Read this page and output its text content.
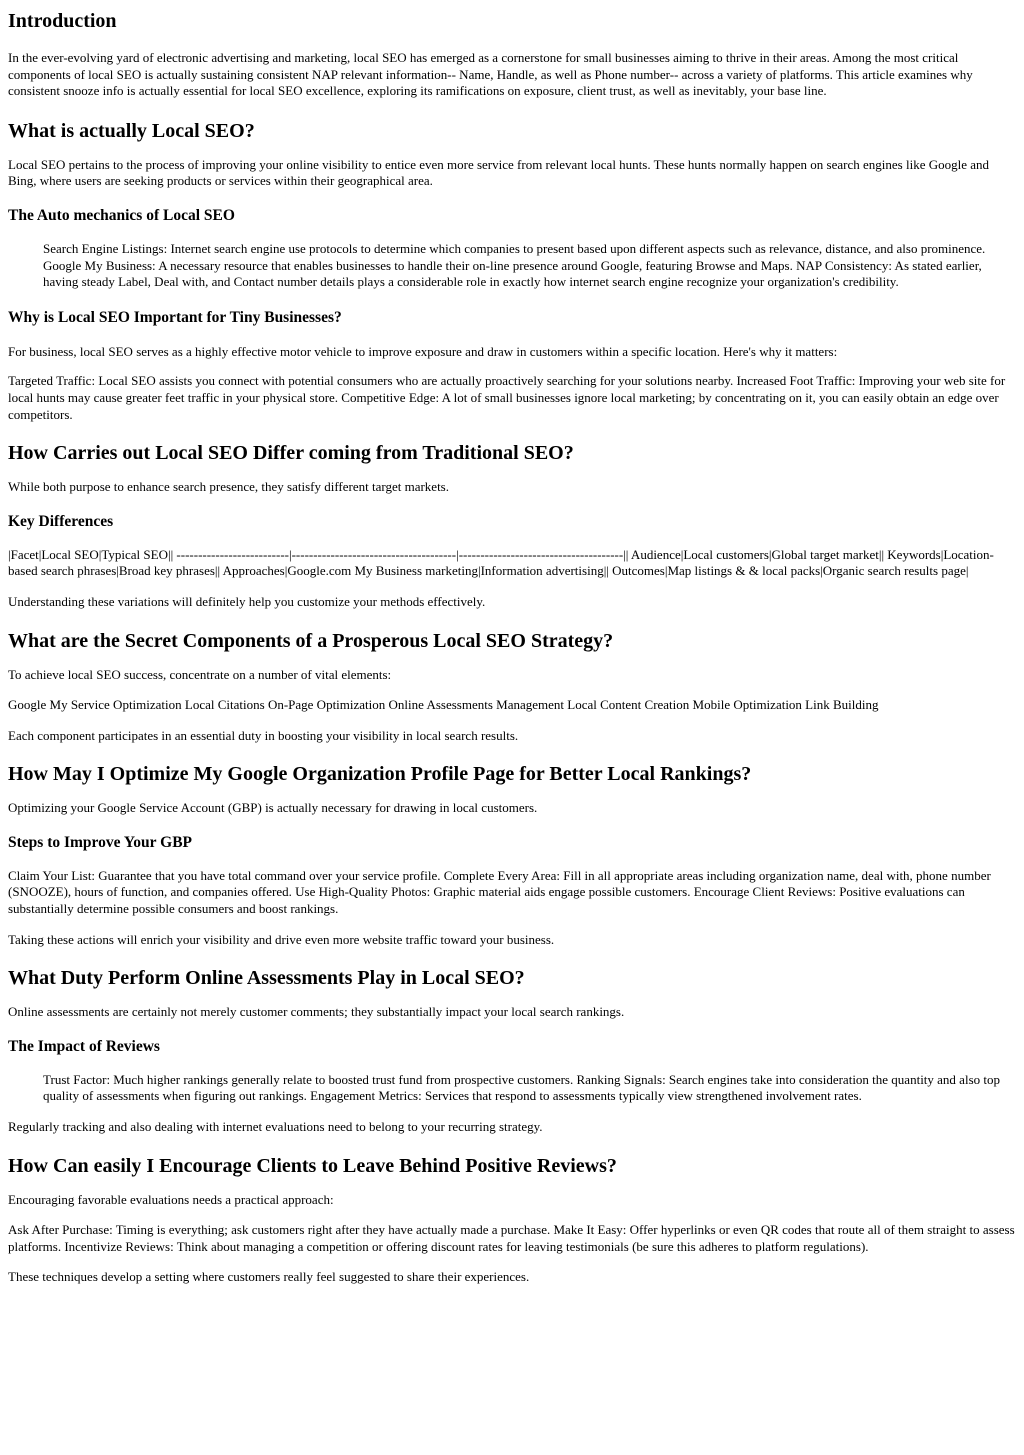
Introduction

In the ever-evolving yard of electronic advertising and marketing, local SEO has emerged as a cornerstone for small businesses aiming to thrive in their areas. Among the most critical components of local SEO is actually sustaining consistent NAP relevant information-- Name, Handle, as well as Phone number-- across a variety of platforms. This article examines why consistent snooze info is actually essential for local SEO excellence, exploring its ramifications on exposure, client trust, as well as inevitably, your base line.

What is actually Local SEO?

Local SEO pertains to the process of improving your online visibility to entice even more service from relevant local hunts. These hunts normally happen on search engines like Google and Bing, where users are seeking products or services within their geographical area.

The Auto mechanics of Local SEO
Search Engine Listings: Internet search engine use protocols to determine which companies to present based upon different aspects such as relevance, distance, and also prominence. Google My Business: A necessary resource that enables businesses to handle their on-line presence around Google, featuring Browse and Maps. NAP Consistency: As stated earlier, having steady Label, Deal with, and Contact number details plays a considerable role in exactly how internet search engine recognize your organization's credibility.
Why is Local SEO Important for Tiny Businesses?

For business, local SEO serves as a highly effective motor vehicle to improve exposure and draw in customers within a specific location. Here's why it matters:

Targeted Traffic: Local SEO assists you connect with potential consumers who are actually proactively searching for your solutions nearby. Increased Foot Traffic: Improving your web site for local hunts may cause greater feet traffic in your physical store. Competitive Edge: A lot of small businesses ignore local marketing; by concentrating on it, you can easily obtain an edge over competitors.

How Carries out Local SEO Differ coming from Traditional SEO?

While both purpose to enhance search presence, they satisfy different target markets.

Key Differences

|Facet|Local SEO|Typical SEO|| --------------------------|--------------------------------------|--------------------------------------|| Audience|Local customers|Global target market|| Keywords|Location-based search phrases|Broad key phrases|| Approaches|Google.com My Business marketing|Information advertising|| Outcomes|Map listings & & local packs|Organic search results page|

Understanding these variations will definitely help you customize your methods effectively.

What are the Secret Components of a Prosperous Local SEO Strategy?

To achieve local SEO success, concentrate on a number of vital elements:

Google My Service Optimization Local Citations On-Page Optimization Online Assessments Management Local Content Creation Mobile Optimization Link Building

Each component participates in an essential duty in boosting your visibility in local search results.

How May I Optimize My Google Organization Profile Page for Better Local Rankings?

Optimizing your Google Service Account (GBP) is actually necessary for drawing in local customers.

Steps to Improve Your GBP

Claim Your List: Guarantee that you have total command over your service profile. Complete Every Area: Fill in all appropriate areas including organization name, deal with, phone number (SNOOZE), hours of function, and companies offered. Use High-Quality Photos: Graphic material aids engage possible customers. Encourage Client Reviews: Positive evaluations can substantially determine possible consumers and boost rankings.

Taking these actions will enrich your visibility and drive even more website traffic toward your business.

What Duty Perform Online Assessments Play in Local SEO?

Online assessments are certainly not merely customer comments; they substantially impact your local search rankings.

The Impact of Reviews
Trust Factor: Much higher rankings generally relate to boosted trust fund from prospective customers. Ranking Signals: Search engines take into consideration the quantity and also top quality of assessments when figuring out rankings. Engagement Metrics: Services that respond to assessments typically view strengthened involvement rates.

Regularly tracking and also dealing with internet evaluations need to belong to your recurring strategy.

How Can easily I Encourage Clients to Leave Behind Positive Reviews?

Encouraging favorable evaluations needs a practical approach:

Ask After Purchase: Timing is everything; ask customers right after they have actually made a purchase. Make It Easy: Offer hyperlinks or even QR codes that route all of them straight to assess platforms. Incentivize Reviews: Think about managing a competition or offering discount rates for leaving testimonials (be sure this adheres to platform regulations).

These techniques develop a setting where customers really feel suggested to share their experiences.
